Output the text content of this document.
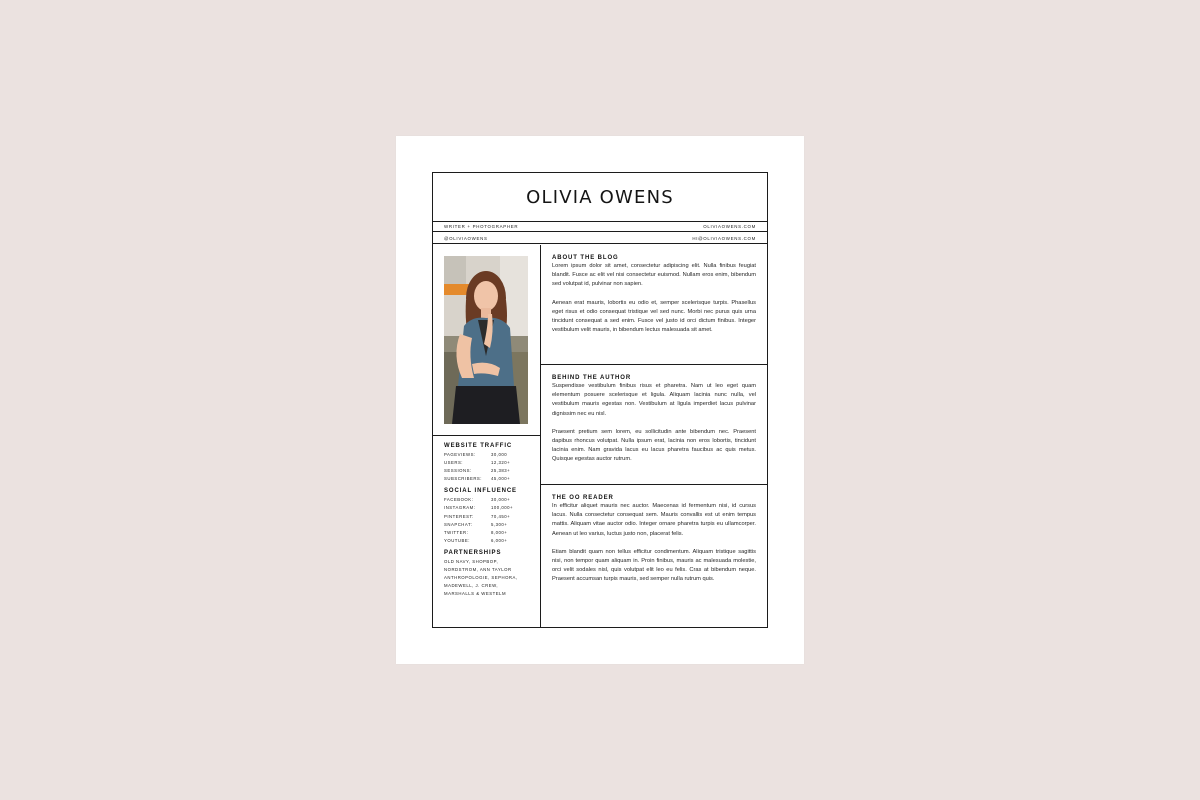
OLIVIA OWENS
WRITER + PHOTOGRAPHER	OLIVIAOWENS.COM
@OLIVIAOWENS	HI@OLIVIAOWENS.COM
WEBSITE TRAFFIC
PAGEVIEWS:	30,000
USERS:	12,320+
SESSIONS:	25,383+
SUBSCRIBERS:	45,000+
SOCIAL INFLUENCE
FACEBOOK:	30,000+
INSTAGRAM:	100,000+
PINTEREST:	70,450+
SNAPCHAT:	5,300+
TWITTER:	8,000+
YOUTUBE:	6,000+
PARTNERSHIPS
OLD NAVY, SHOPBOP,
NORDSTROM, ANN TAYLOR
ANTHROPOLOGIE, SEPHORA,
MADEWELL, J. CREW,
MARSHALLS & WESTELM
ABOUT THE BLOG

Lorem ipsum dolor sit amet, consectetur adipiscing elit. Nulla finibus feugiat blandit. Fusce ac elit vel nisi consectetur euismod. Nullam eros enim, bibendum sed volutpat id, pulvinar non sapien.

Aenean erat mauris, lobortis eu odio et, semper scelerisque turpis. Phasellus eget risus et odio consequat tristique vel sed nunc. Morbi nec purus quis urna tincidunt consequat a sed enim. Fusce vel justo id orci dictum finibus. Integer vestibulum velit mauris, in bibendum lectus malesuada sit amet.

BEHIND THE AUTHOR

Suspendisse vestibulum finibus risus et pharetra. Nam ut leo eget quam elementum posuere scelerisque et ligula. Aliquam lacinia nunc nulla, vel vestibulum mauris egestas non. Vestibulum at ligula imperdiet lacus pulvinar dignissim nec eu nisl.

Praesent pretium sem lorem, eu sollicitudin ante bibendum nec. Praesent dapibus rhoncus volutpat. Nulla ipsum erat, lacinia non eros lobortis, tincidunt lacinia enim. Nam gravida lacus eu lacus pharetra faucibus ac quis metus. Quisque egestas auctor rutrum.

THE OO READER

In efficitur aliquet mauris nec auctor. Maecenas id fermentum nisi, id cursus lacus. Nulla consectetur consequat sem. Mauris convallis est ut enim tempus mattis. Aliquam vitae auctor odio. Integer ornare pharetra turpis eu ullamcorper. Aenean ut leo varius, luctus justo non, placerat felis.

Etiam blandit quam non tellus efficitur condimentum. Aliquam tristique sagittis nisi, non tempor quam aliquam in. Proin finibus, mauris ac malesuada molestie, orci velit sodales nisl, quis volutpat elit leo eu felis. Cras at bibendum neque. Praesent accumsan turpis mauris, sed semper nulla rutrum quis.
